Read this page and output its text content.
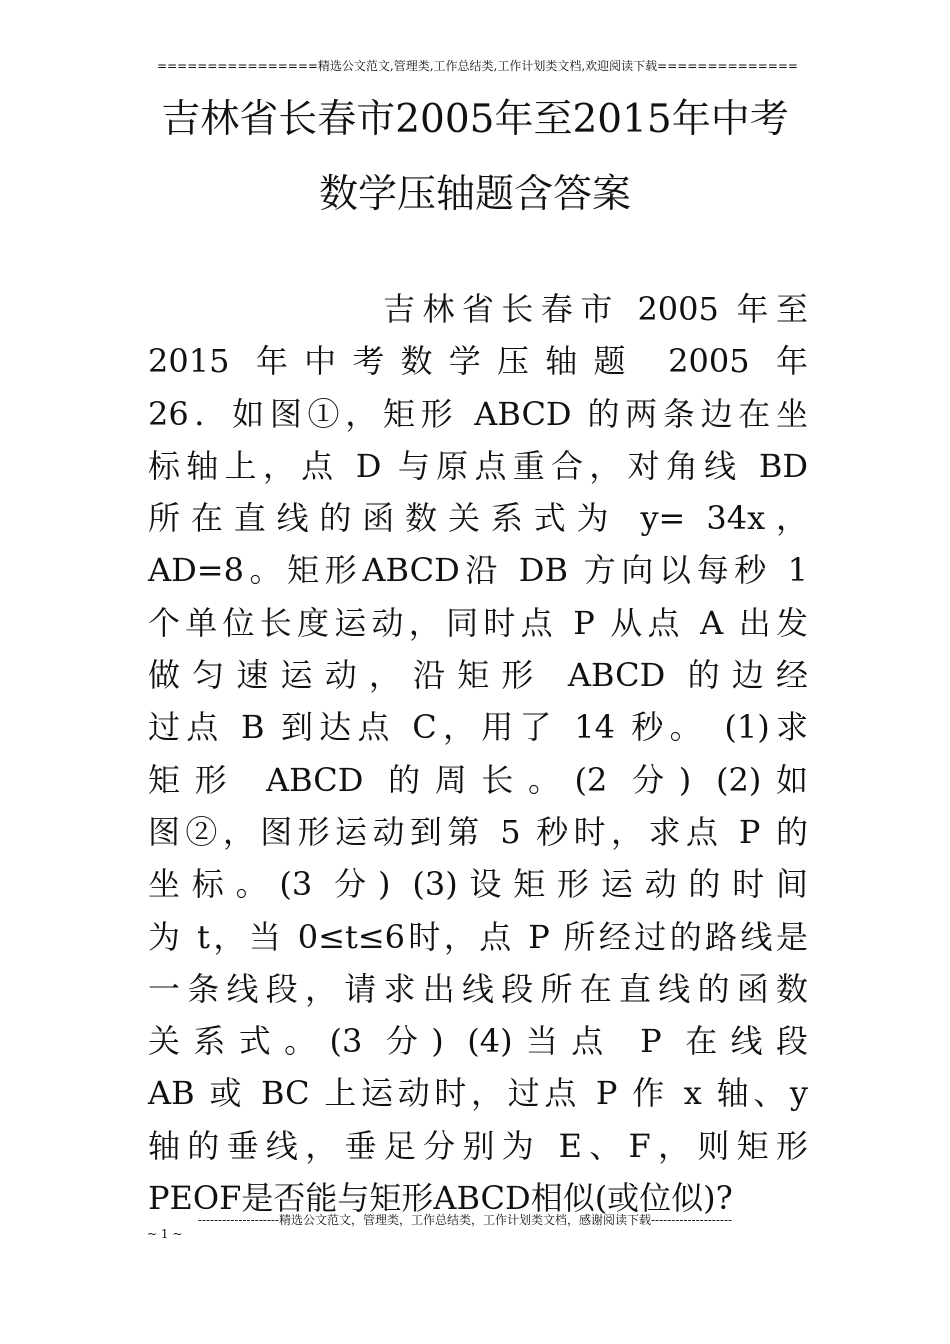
================精选公文范文,管理类,工作总结类,工作计划类文档,欢迎阅读下载==============
吉林省长春市2005年至2015年中考
数学压轴题含答案
吉林省长春市 2005 年至
2015 年中考数学压轴题 2005 年
26．如图①，矩形 ABCD 的两条边在坐
标轴上，点 D 与原点重合，对角线 BD
所在直线的函数关系式为 y= 34x，
AD=8。矩形ABCD沿 DB 方向以每秒 1
个单位长度运动，同时点 P 从点 A 出发
做匀速运动，沿矩形 ABCD 的边经
过点 B 到达点 C，用了 14 秒。 (1)求
矩形 ABCD 的周长。(2 分) (2)如
图②，图形运动到第 5 秒时，求点 P 的
坐标。(3 分) (3)设矩形运动的时间
为 t，当 0≤t≤6时，点 P 所经过的路线是
一条线段，请求出线段所在直线的函数
关系式。(3 分) (4)当点 P 在线段
AB 或 BC 上运动时，过点 P 作 x 轴、y
轴的垂线，垂足分别为 E、F，则矩形
PEOF是否能与矩形ABCD相似(或位似)?
--------------------精选公文范文，管理类，工作总结类，工作计划类文档，感谢阅读下载--------------------
~ 1 ~
